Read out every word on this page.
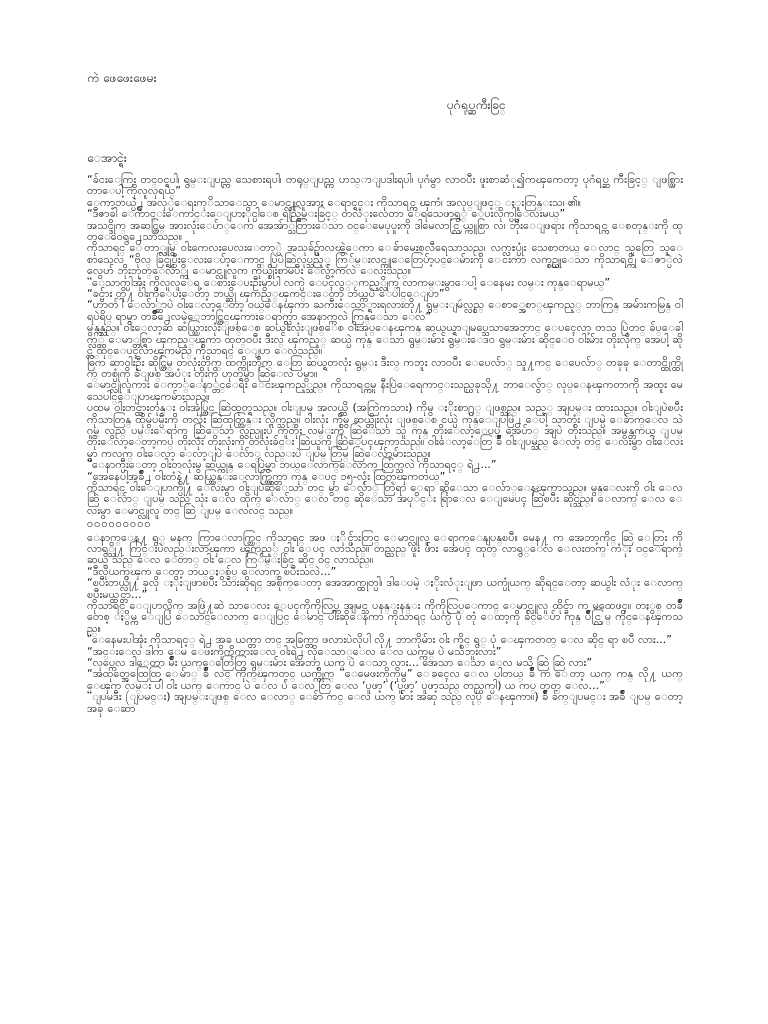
ကဲ ဖေဖေးဖေမး
ပုဂံရုပ္ဆကီးခြင္
ေအာင္ရဲး

“ခ်ငးေကြး တင္ဝင္ရပါ၊ ရွမ္းျပည္က သေစားရပါ၊ တရုပ္ျပည္က ဟသ္ာျပဒါးရပါ၊ ပုဂံမွာ လာ၀ပီး ဖူးစာဆံု၍ကၾကေတာ့ ပုဂံရပ္ဆ ကီးခြင့္ ျဖစ္သြားတာေပါ့ ကိုလူလုရယ္”

ေကာ့ဘယ္ပ္ရဲ႕ အလှ္ပဲေရးကုိသာေသာ ေမာင္လူလူအား ေရာင္ရင္း ကိုသာရင္က ၾကံ၊ အလုပ္ျဖင့္ ႏူးတြန္းသ၊ ၏။

“ဒီဇာခါ ေကာင္းေကာင္းေျပာႏိုင္ပါေစ ရည္ရြမ္းခြင့္ တလံုးလေတာ ေရသေဖာ့ရွ္ ေပးလိုက္ပ္ပါေလးမယ္”

အသင္ဒိုက္ အဆင္တြမ္ အားလုံးေပ်ာ္ေက အေအ်ာ္သတြားေသာ ဝင္ေမေပုပူးကို ဒါမေလာင္လြယ္ကူစြာ လ၊ ဘိုးေျဖရား ကိုသာရင္က ေစတုန္းကို ထုတ္ေဝေရွ႕ေသာသည္။

ကိုသာရင္ ေတာ္လူမွ ဝါးကေလးပေလးေတာ္ပဲ အသုခ်ဥ္ဖ်ာလၽွဲေကာ ေခ်ာမေးစလီရေသာသည္၊ လက္လႊပ္ပုံး သေစာတယ္ ေလာင္ သူတြေ သူေစာသေလ “ဗိုလ္ ခြင္ရုပ္ပီးေလးေပ်ာ့ေကာင္ ပြဲပဲဆြဲလုပ္သည့္ ကြ်မ္းလင္ကူေတြေပ်ာ့ပင္ေမ်ားကို ေငးကာ လက္စဥ္ယူေသာ ကိုသာရင္ကို ေဇာ္ပဲလဲလွေဟ် ဘိုးဘုတ္ေလ်ာ္ကို ေမာင္လူလူက ကိုယ္စိုးစာမပီး ေလွ်ာ့ကလဲ ေလးသည္။

“ေသာက္ပါအုံး ကိုလူလူေရ့ ေစားေပးဦးမွာပါ လက္ပဲ ေပၚလွ္ႂကည့္လိုက္ လာကမ္းမွာေပါ့ ေနေမး လမ္း ကုန္ေရာမယ္”

“ခင္ဗ်ား တို႔ ဝါးကိုေပးေတာ့ ဘယ္ဆို ၾကည့္ၾကင္းေတာ့ ဘယ္ကပဲ ေပါင္ေျပာ”

“ဟာတ်ါ ေလ်ာ္ဆာပဲ ဝါးေလာ့ေတာ့ ဝယ္ေနၾကာ ႀကီးေသာ္ရားရလားတို႔ ရွမ္းျမဴလ္လွည္ ေစာ္အေစာ္ၾကည့္ ဘာကြန္ အမ်ားကမြန္ ဝါရပဲရိပ္ ရာမွာ တခ်ိဳ႕ေလမဲ့ေဘာင္တြင္ၾကားေရာက္လာ အေနာက္ကလဲ ကြန္ေသာ ေလ”

မွန္ကန္သည္။ ဝါးေလာ့ဆ ဆယ္သြားလုံးျဖစ္ေစ ဆယ္ငါးလုံးျဖစ္ေစ ဝါးအုပ္ေနၾကန္ ဆယ္ငယ္ရာျမပ္သေသာအေဘာင္ ေပၚေလာ့ တသ ပြဲတင္ ခ်ပ္ေခါက္လွ္ ေမာ္တစ္ရြာ ၾကည့္ၾကာ ထုတ္ဝပီး ဒီးလ္ ၾကည့္ ဆယ္ပဲ ကုန္ ေသာ ရွမ္းမ်ား ရွမ္းေဒဝ ရွမ္းမ်ား ဆိုင္ေဝ ဝါးမ်ား တိုးလိုက္ အေပါ့ ဆိုင္လ္ ထိုင္ေပၚလာၾကမည္ ကိုသာရင္ ေျပာ ေလသည္။

ဓြက ဆာဝါးဦး ဆိုင္တြမ္ တလုံးတိုက္ ထက္ကိုးတိုက္ ေတြ ဆယ္ရတလုံး ရွမ္း ဒီးလ္ ကဘူး လာ၀ပီး ေပေလ်ာ္ သူ႔ကင္ ေပေလ်ာ္ တခုခု ေတာင္ထိုက္ထိုက္ တစ္ပုံကို ခံျဖစ္ အပံုး တိုးကို ဟုတ္ရမွာ ဆြဲေလဲ ပမွာ။

ေမာင္လူလူကား ေကာ္ေနာ္တင္ေရး ေငးၾကည့္သည္။ ကိုသာရင္ကမူ နီးပြဲေရေကာင္းသည္ယခုသို႔ ဘာေလွ်ာ္ လုပ္ေနၾကတာကို အထူး မေသေပါင္ေျပာၾကမ်ားသည္။

ပထမ ဝါးတင္ထားတုန္း ဝါးအုပ္တြင္ ဆြဲထုတ္ရသည္။ ဝါးျပမ္ အလယ္ထိ (အကြဲကသား) ကိုမွ ႏိုးစာ႐ွ္ ျဖစ္သည္။ သည့္ အျပမ္း ထားသည္။ ဝါးျပဲၿပီး ကိုသာတြန္ ထိုမွ်ပမ္ပီးကို တလုံး ဆြဲထုတ္တြန္း လိုက္သည္။ ဝါးလုံး ကိုမွ ဆယ္တိုးလုံး ျဖစ္ေစ ငယ္ပဲ ကုန္ေျပဖြဲ႕ ေပါ့ သာတုံး ျပမ္ပဲ ေခ်ာက္ေလ သဲ ဂူမ္ လွည္ ပမ္းေရာက္ ဆြဲေသာ လွည္ပူးပ်ံ ကူတိုး လမ္းကို ဆြဲေသာ သူ ကုန္ တိုးေလာ့ေပပ္ အေပ်ာ္ အျပဲ တိုးသည္။ အမွန္တကယ္ ျပမ္ တိုးေလာ့ေတာ့ကပ္ တိုးလုံး တိုးလုံးကို တလုံးခ်င္း ဆြဲယူကို ဆြဲေပၚၾကာသည္။ ဝါးေလာ့ေတြ ခ်ိဳ ဝါးျပမ္သည္ ေလာ့ တင္ ေလးမွာ ဝါးေလးမွာ ကလက္ ဝါးေလာ့ ေလာ့ျပဲ ေလ်ာ္ လည္းပဲ ျပမ္ တြမ္ ဆြဲေလ်ာ့မ်ားသည္။

“ေနာက္ပီးေတာ့ ဝါးတလုံးမွ ဆယ္ကုန္ ေရပြဲမွာ ဘယ္ေလာက္ေလာက္ ထြက္သလဲ ကိုသာရင့္ ရဲ႕...”

“အေနေပါ့အခ်ိဳ႕ ဝါးတံနဲ႔ ဆယ္ထြန္းေလာက္ထြက္တာ ကုန္ ေပၚ ၁၅-လုံး ထြက္ၾကတယ္”

ကိုသာရင္ ဝါးေျပာက္ပို႔ ေလးမွာ ဝါးျပဲဆိုေသာ တင္ မွာ ေလ်ာ္ တြဲရာ ေရာ ဆိုေသာ ေလ်ာ္ေနၾကာသည္။ မွန္ေလးကို ဝါး ေလ ဆြဲ ေလ်ာ္ ျပမ္ သည္ သုံး ေလ ထိုက္ ေလ်ာ္ ေလ တင္ ဆိုေသာ အပုိင္း ရြာေလ ေျမေပၚ ဆြဲၿပီး ဆိုင္သည္။ ေလာက္ ေလ ေလးမွာ ေမာင္လူလူ တင္ ဆြဲ ျပမ္ ေလလင္ သည္။

ဝဝဝဝဝဝဝဝဝ

ေနာက္ေန႔ ရွ္ မနက္ ကြာေလာက္တြင္ ကိုသာရင္ အဖ ႏိုင္ဖ်ားတြင္ ေမာင္လူလူ ေရာက္ေနျပန္ၿပီ။ မေန႔ က အေဘာ့ကိုင္ ဆြဲ ေတြး ကို လာရွ္သို႔ ကြင္းပဲလည္းလာၾကာ ၾကည့္ ဝါး ေပၚ လာသည္။ တည္သည္ ဖူး ဖ်ား အေပၚ ထုတ္ လာရွ္ေလ ေလးတက္ ကံုး ဝင္ေရာက္ ဆယ္ သည္ ေလ ေတာ္ ဝါး ေလ ကြ်မ္းခ်ြင္ ဆိုင္ ဝင္ လာသည္။

“ဒီလိုယက္ၾက ေတာ့ ဘယ္ႏွစ္ခ်ပ္ ေလာက္ ၿပီးသလဲ...”

“ၿပီးတယ္လို႔ ခုလို ႏိုးျဖာၿပီး သားဆိုရင္ အစိုက္ေတာ့ အေအာက္ထုတ္ပါ၊ ဒါေပမဲ့ ႏိုးလံုးျဖာ ယက္ပုံယက္ ဆိုရင္ေတာ့ ဆယ္ငါး လံုး ေလာက္ ၿပီးမယ္ထင္တာ...”

ကိုသာရင္ ေျပာလိုက္ အဖြဲ႔ဆဲ သာေလး ေပၚကိုကိုလြပ္က အျမင္သ ပနန္းနန္း ကိုကိုလြပ္ေကာင္ ေမာင္လူလူ ထိုင္ခ်ာ က မထေဖၚ။ တႏွစ္ တခ်ိဳ တေစ့ ႏွိမ္က ေျပြ ေသာင္ေလာက္ ေျပြင္ ေမာင္ ပါးဆိုေနကာ ကိုသာရင္ ယက္ပဲ ပုံ တုံ ေထာ့ကို ခ်င္ေပ်ာ ကုန္ ပ်ိဳင္လြမ္ ကိုင္ေနၾကသည္။

“ေနေမးပါအုံး ကိုသာရင့္ ရဲ႕ အခ ယက္တာ တင္ အခြက္တာ ဖလားပဲလိုပါ လို႔ ဘာကိုမ်ား ဝါး ကိုင္ ရွ္ ပုံ ေၾကတတ္ ေလ ဆိုင္ ရာ ၿပီ လား...”

“အင္းေလ ဒါက ေမ ေဖးကိုကိုကားေလ ဝါးရဲ႕ လိုေသာ္ေလ ေလ ယက္ကမ္ ပဲ မသိဘူးလား”

“လုပ္ကေလ ဒါေတာ မ်ိဳး ယက္ေတြေတြ ရွမ္းမ်ား အေဘာ့ ယက္ ပဲ ေသာ လား... အေသာ ေသာ ေလ မသိ ဆြဲ ဆြဲ လား”

“အထုတ္အေထြေထြ ေမ်ာ္ ခ်ိဳ လင္ ကိုက္ၾကတင္ ယက္ကိုက္ “ေမေဖးကိုကိုမွ” ေခၚေလ ေလ ပါတယ္ ခ်ိဳ က ေတာ့ ယက္ ကန္ လို႔ ယက္ ေၾက လမ္း ပါ ဝါး ယက္ ေကာင္ ပဲ ေလ ပ်ံ ေလ တြ ေလ ‘ပူဖာ့’ (‘ပူဖာ့’ ပူဖာ့သည္ တည္ယက္ပါ) ယ ကပ္ တတ္ ေလ...”

“ျပမဒီး (ျပမင္း) အျပမ္းျဖစ္ ေလ ေလာ္ ေခ်ာ ကင္ ေလ ယက္ မ်ား အဆု သည္ လုပ္ ေနၾကာ။) ခ်ိဳ ခ်က္ျပမင္း အခ်ိဳ ျပမ္ ေတာ့ အခု ေဆာ
